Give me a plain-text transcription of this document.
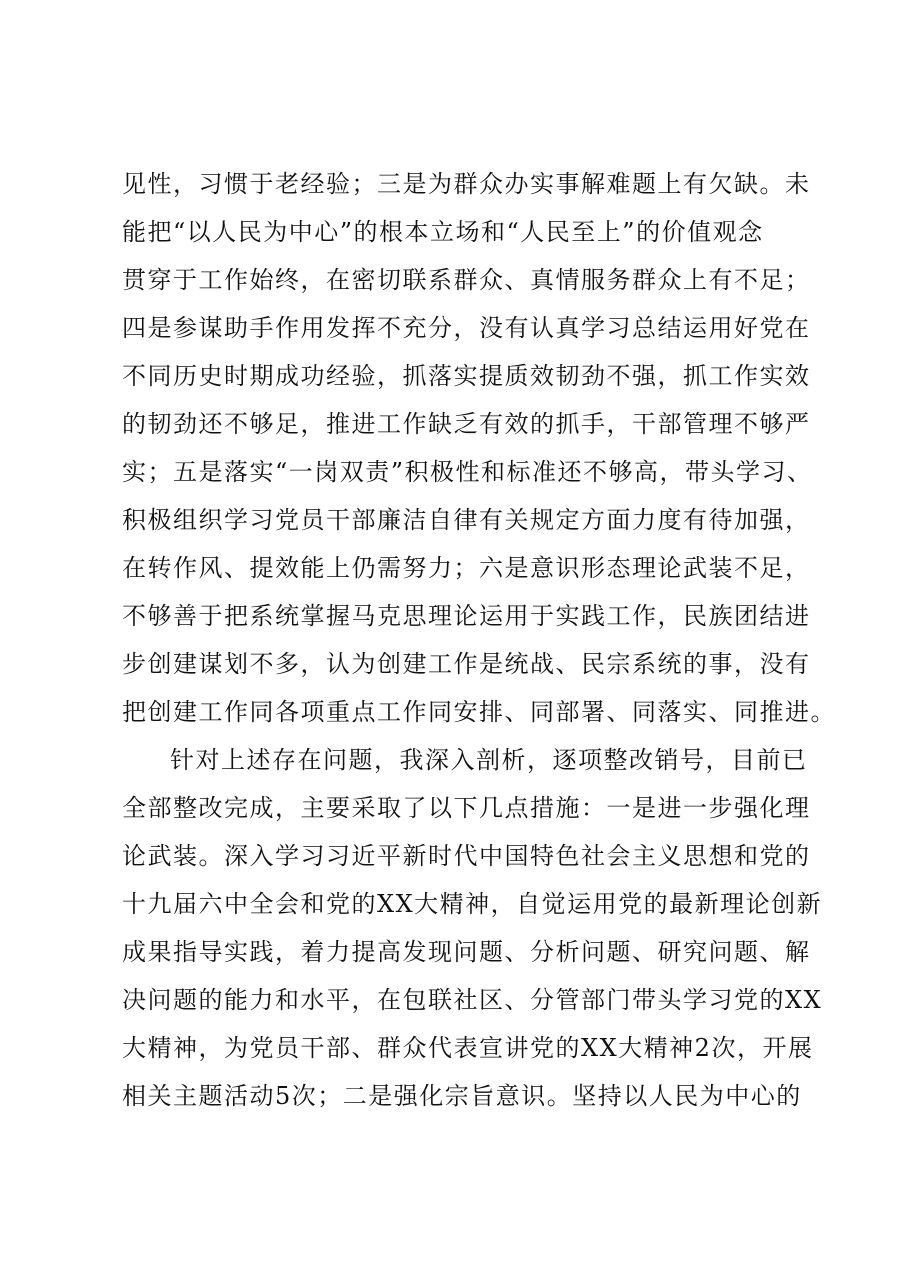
见性，习惯于老经验；三是为群众办实事解难题上有欠缺。未
能把“以人民为中心”的根本立场和“人民至上”的价值观念
贯穿于工作始终，在密切联系群众、真情服务群众上有不足；
四是参谋助手作用发挥不充分，没有认真学习总结运用好党在
不同历史时期成功经验，抓落实提质效韧劲不强，抓工作实效
的韧劲还不够足，推进工作缺乏有效的抓手，干部管理不够严
实；五是落实“一岗双责”积极性和标准还不够高，带头学习、
积极组织学习党员干部廉洁自律有关规定方面力度有待加强，
在转作风、提效能上仍需努力；六是意识形态理论武装不足，
不够善于把系统掌握马克思理论运用于实践工作，民族团结进
步创建谋划不多，认为创建工作是统战、民宗系统的事，没有
把创建工作同各项重点工作同安排、同部署、同落实、同推进。
针对上述存在问题，我深入剖析，逐项整改销号，目前已
全部整改完成，主要采取了以下几点措施：一是进一步强化理
论武装。深入学习习近平新时代中国特色社会主义思想和党的
十九届六中全会和党的XX大精神，自觉运用党的最新理论创新
成果指导实践，着力提高发现问题、分析问题、研究问题、解
决问题的能力和水平，在包联社区、分管部门带头学习党的XX
大精神，为党员干部、群众代表宣讲党的XX大精神2次，开展
相关主题活动5次；二是强化宗旨意识。坚持以人民为中心的
